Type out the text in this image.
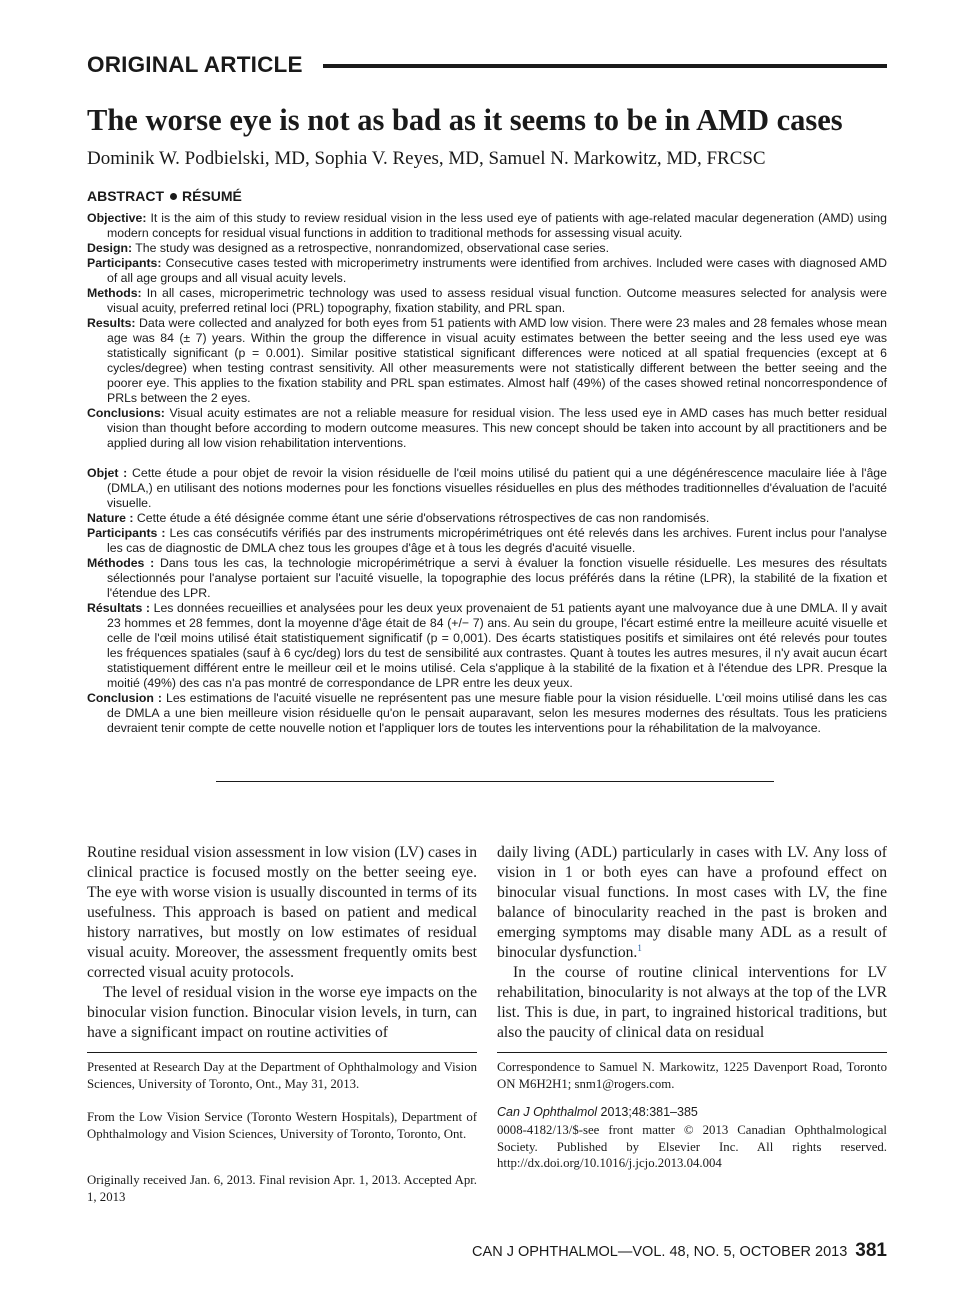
ORIGINAL ARTICLE
The worse eye is not as bad as it seems to be in AMD cases
Dominik W. Podbielski, MD, Sophia V. Reyes, MD, Samuel N. Markowitz, MD, FRCSC
ABSTRACT RÉSUMÉ

Objective: It is the aim of this study to review residual vision in the less used eye of patients with age-related macular degeneration (AMD) using modern concepts for residual visual functions in addition to traditional methods for assessing visual acuity.

Design: The study was designed as a retrospective, nonrandomized, observational case series.

Participants: Consecutive cases tested with microperimetry instruments were identified from archives. Included were cases with diagnosed AMD of all age groups and all visual acuity levels.

Methods: In all cases, microperimetric technology was used to assess residual visual function. Outcome measures selected for analysis were visual acuity, preferred retinal loci (PRL) topography, fixation stability, and PRL span.

Results: Data were collected and analyzed for both eyes from 51 patients with AMD low vision. There were 23 males and 28 females whose mean age was 84 (± 7) years. Within the group the difference in visual acuity estimates between the better seeing and the less used eye was statistically significant (p = 0.001). Similar positive statistical significant differences were noticed at all spatial frequencies (except at 6 cycles/degree) when testing contrast sensitivity. All other measurements were not statistically different between the better seeing and the poorer eye. This applies to the fixation stability and PRL span estimates. Almost half (49%) of the cases showed retinal noncorrespondence of PRLs between the 2 eyes.

Conclusions: Visual acuity estimates are not a reliable measure for residual vision. The less used eye in AMD cases has much better residual vision than thought before according to modern outcome measures. This new concept should be taken into account by all practitioners and be applied during all low vision rehabilitation interventions.

Objet : Cette étude a pour objet de revoir la vision résiduelle de l'œil moins utilisé du patient qui a une dégénérescence maculaire liée à l'âge (DMLA,) en utilisant des notions modernes pour les fonctions visuelles résiduelles en plus des méthodes traditionnelles d'évaluation de l'acuité visuelle.

Nature : Cette étude a été désignée comme étant une série d'observations rétrospectives de cas non randomisés.

Participants : Les cas consécutifs vérifiés par des instruments micropérimétriques ont été relevés dans les archives. Furent inclus pour l'analyse les cas de diagnostic de DMLA chez tous les groupes d'âge et à tous les degrés d'acuité visuelle.

Méthodes : Dans tous les cas, la technologie micropérimétrique a servi à évaluer la fonction visuelle résiduelle. Les mesures des résultats sélectionnés pour l'analyse portaient sur l'acuité visuelle, la topographie des locus préférés dans la rétine (LPR), la stabilité de la fixation et l'étendue des LPR.

Résultats : Les données recueillies et analysées pour les deux yeux provenaient de 51 patients ayant une malvoyance due à une DMLA. Il y avait 23 hommes et 28 femmes, dont la moyenne d'âge était de 84 (+/− 7) ans. Au sein du groupe, l'écart estimé entre la meilleure acuité visuelle et celle de l'œil moins utilisé était statistiquement significatif (p = 0,001). Des écarts statistiques positifs et similaires ont été relevés pour toutes les fréquences spatiales (sauf à 6 cyc/deg) lors du test de sensibilité aux contrastes. Quant à toutes les autres mesures, il n'y avait aucun écart statistiquement différent entre le meilleur œil et le moins utilisé. Cela s'applique à la stabilité de la fixation et à l'étendue des LPR. Presque la moitié (49%) des cas n'a pas montré de correspondance de LPR entre les deux yeux.

Conclusion : Les estimations de l'acuité visuelle ne représentent pas une mesure fiable pour la vision résiduelle. L'œil moins utilisé dans les cas de DMLA a une bien meilleure vision résiduelle qu'on le pensait auparavant, selon les mesures modernes des résultats. Tous les praticiens devraient tenir compte de cette nouvelle notion et l'appliquer lors de toutes les interventions pour la réhabilitation de la malvoyance.

Routine residual vision assessment in low vision (LV) cases in clinical practice is focused mostly on the better seeing eye. The eye with worse vision is usually discounted in terms of its usefulness. This approach is based on patient and medical history narratives, but mostly on low estimates of residual visual acuity. Moreover, the assessment frequently omits best corrected visual acuity protocols.

The level of residual vision in the worse eye impacts on the binocular vision function. Binocular vision levels, in turn, can have a significant impact on routine activities of

daily living (ADL) particularly in cases with LV. Any loss of vision in 1 or both eyes can have a profound effect on binocular visual functions. In most cases with LV, the fine balance of binocularity reached in the past is broken and emerging symptoms may disable many ADL as a result of binocular dysfunction.$^1$

In the course of routine clinical interventions for LV rehabilitation, binocularity is not always at the top of the LVR list. This is due, in part, to ingrained historical traditions, but also the paucity of clinical data on residual

Presented at Research Day at the Department of Ophthalmology and Vision Sciences, University of Toronto, Ont., May 31, 2013.

From the Low Vision Service (Toronto Western Hospitals), Department of Ophthalmology and Vision Sciences, University of Toronto, Toronto, Ont.

Originally received Jan. 6, 2013. Final revision Apr. 1, 2013. Accepted Apr. 1, 2013

Correspondence to Samuel N. Markowitz, 1225 Davenport Road, Toronto ON M6H2H1; snm1@rogers.com.

Can J Ophthalmol 2013;48:381–385

0008-4182/13/$-see front matter © 2013 Canadian Ophthalmological Society. Published by Elsevier Inc. All rights reserved. http://dx.doi.org/10.1016/j.jcjo.2013.04.004

CAN J OPHTHALMOL—VOL. 48, NO. 5, OCTOBER 2013 381
